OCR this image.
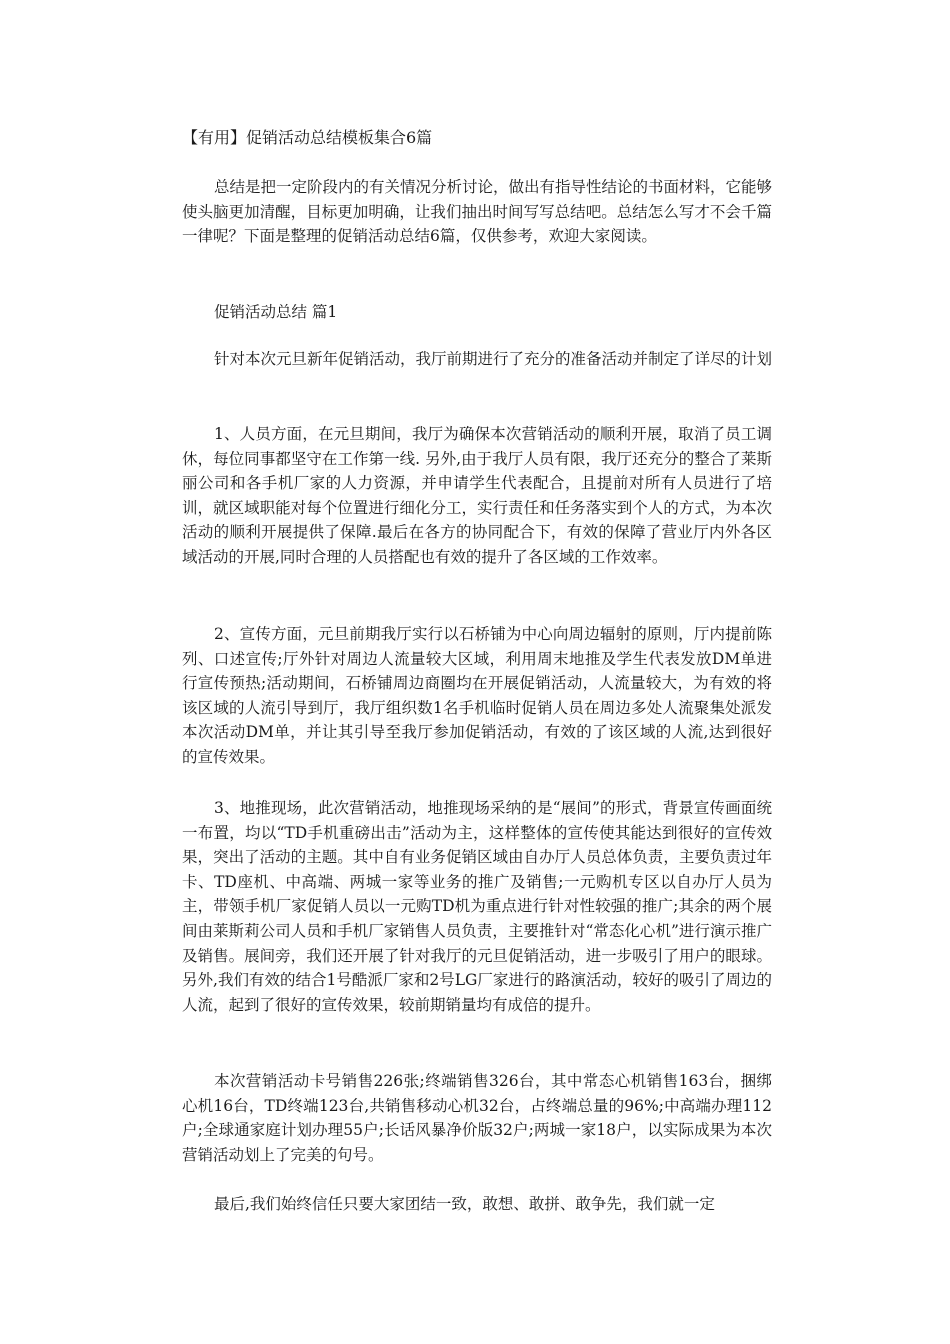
【有用】促销活动总结模板集合6篇

总结是把一定阶段内的有关情况分析讨论，做出有指导性结论的书面材料，它能够使头脑更加清醒，目标更加明确，让我们抽出时间写写总结吧。总结怎么写才不会千篇一律呢？下面是整理的促销活动总结6篇，仅供参考，欢迎大家阅读。

促销活动总结 篇1

针对本次元旦新年促销活动，我厅前期进行了充分的准备活动并制定了详尽的计划

1、人员方面，在元旦期间，我厅为确保本次营销活动的顺利开展，取消了员工调休，每位同事都坚守在工作第一线. 另外,由于我厅人员有限，我厅还充分的整合了莱斯丽公司和各手机厂家的人力资源，并申请学生代表配合，且提前对所有人员进行了培训，就区域职能对每个位置进行细化分工，实行责任和任务落实到个人的方式，为本次活动的顺利开展提供了保障.最后在各方的协同配合下，有效的保障了营业厅内外各区域活动的开展,同时合理的人员搭配也有效的提升了各区域的工作效率。

2、宣传方面，元旦前期我厅实行以石桥铺为中心向周边辐射的原则，厅内提前陈列、口述宣传;厅外针对周边人流量较大区域，利用周末地推及学生代表发放DM单进行宣传预热;活动期间，石桥铺周边商圈均在开展促销活动，人流量较大，为有效的将该区域的人流引导到厅，我厅组织数1名手机临时促销人员在周边多处人流聚集处派发本次活动DM单，并让其引导至我厅参加促销活动，有效的了该区域的人流,达到很好的宣传效果。

3、地推现场，此次营销活动，地推现场采纳的是“展间”的形式，背景宣传画面统一布置，均以“TD手机重磅出击”活动为主，这样整体的宣传使其能达到很好的宣传效果，突出了活动的主题。其中自有业务促销区域由自办厅人员总体负责，主要负责过年卡、TD座机、中高端、两城一家等业务的推广及销售;一元购机专区以自办厅人员为主，带领手机厂家促销人员以一元购TD机为重点进行针对性较强的推广;其余的两个展间由莱斯莉公司人员和手机厂家销售人员负责，主要推针对“常态化心机”进行演示推广及销售。展间旁，我们还开展了针对我厅的元旦促销活动，进一步吸引了用户的眼球。另外,我们有效的结合1号酷派厂家和2号LG厂家进行的路演活动，较好的吸引了周边的人流，起到了很好的宣传效果，较前期销量均有成倍的提升。

本次营销活动卡号销售226张;终端销售326台，其中常态心机销售163台，捆绑心机16台，TD终端123台,共销售移动心机32台，占终端总量的96%;中高端办理112户;全球通家庭计划办理55户;长话风暴净价版32户;两城一家18户，以实际成果为本次营销活动划上了完美的句号。

最后,我们始终信任只要大家团结一致，敢想、敢拼、敢争先，我们就一定
